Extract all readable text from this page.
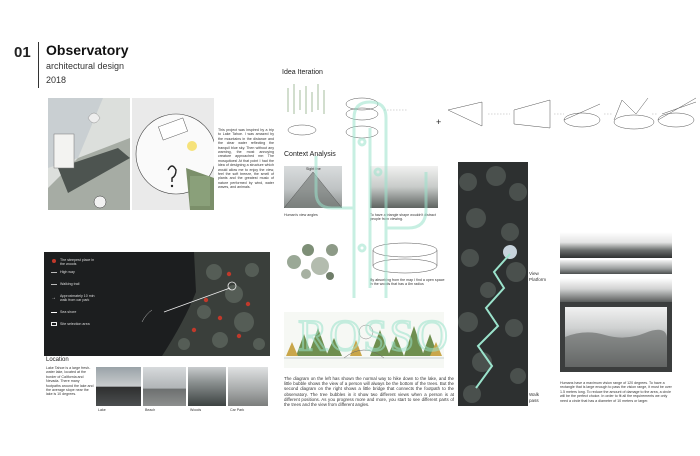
01 Observatory
architectural design
2018
This project was inspired by a trip to Lake Tahoe. I was amazed by the mountains in the distance and the clear water reflecting the tranquil blue sky. Then without any warning, the most annoying creature approached me: The mosquitoes! At that point I had the idea of designing a structure which would allow me to enjoy the view, feel the soft breeze, the smell of plants and the greatest music of nature performed by wind, water waves, and animals.
The steepest place in the woods
High way
Walking trail
Approximately 10 min walk from car park
Sea shore
Site selection area
→
Location
Lake Tahoe is a large fresh-water lake, located at the border of California and Nevada. There many footpaths around the lake and the average slope near the lake is 10 degrees.
Lake	Beach	Woods	Car Park
Idea Iteration
+
Context Analysis
Sight line
Human's view angles	To have a triangle shape wouldn't distract people from viewing.
By absorbing from the map I find a open space in the woods that has a 8m radius
The diagram on the left has shown the normal way to hike down to the lake, and the little bubble shows the view of a person will always be the bottom of the trees. But the second diagram on the right shows a little bridge that connects the footpath to the observatory. The tree bubbles in it show two different views when a person is at different positions. As you progress more and more, you start to see different parts of the trees and the view from different angles.
View Platform
Walk pass
Humans have a maximum vision range of 120 degrees. To have a rectangle that is large enough to pass the vision range, it must be over 1.5 meters long. To reduce the amount of damage to the area, a circle will be the perfect choice. In order to fit all the requirements we only need a circle that has a diameter of 10 meters or larger.
